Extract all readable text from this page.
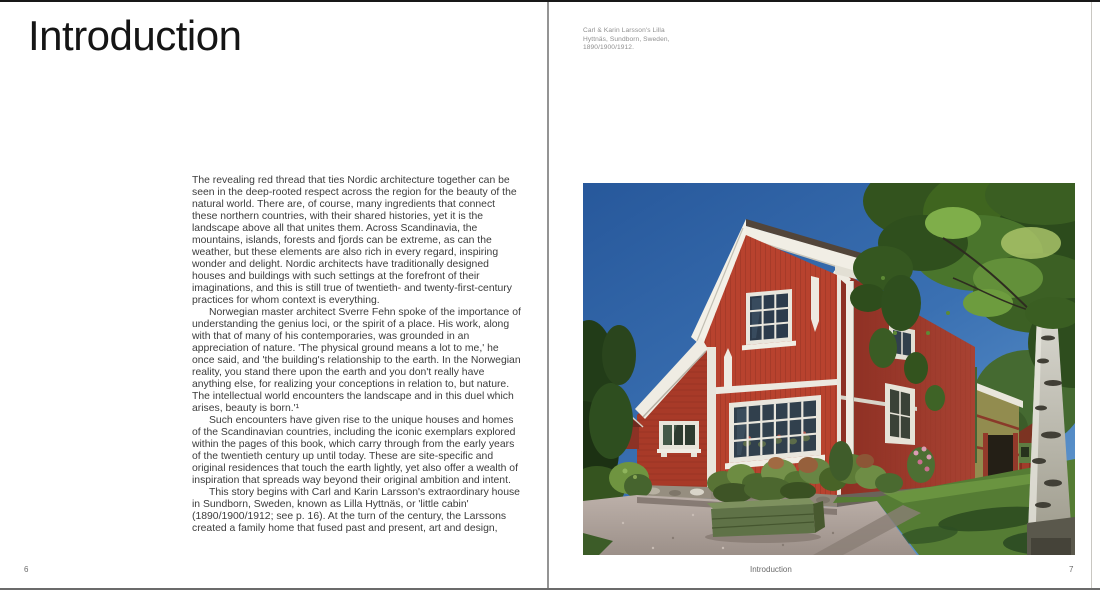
Introduction

The revealing red thread that ties Nordic architecture together can be seen in the deep-rooted respect across the region for the beauty of the natural world. There are, of course, many ingredients that connect these northern countries, with their shared histories, yet it is the landscape above all that unites them. Across Scandinavia, the mountains, islands, forests and fjords can be extreme, as can the weather, but these elements are also rich in every regard, inspiring wonder and delight. Nordic architects have traditionally designed houses and buildings with such settings at the forefront of their imaginations, and this is still true of twentieth- and twenty-first-century practices for whom context is everything.

Norwegian master architect Sverre Fehn spoke of the importance of understanding the genius loci, or the spirit of a place. His work, along with that of many of his contemporaries, was grounded in an appreciation of nature. 'The physical ground means a lot to me,' he once said, and 'the building's relationship to the earth. In the Norwegian reality, you stand there upon the earth and you don't really have anything else, for realizing your conceptions in relation to, but nature. The intellectual world encounters the landscape and in this duel which arises, beauty is born.'¹

Such encounters have given rise to the unique houses and homes of the Scandinavian countries, including the iconic exemplars explored within the pages of this book, which carry through from the early years of the twentieth century up until today. These are site-specific and original residences that touch the earth lightly, yet also offer a wealth of inspiration that spreads way beyond their original ambition and intent.

This story begins with Carl and Karin Larsson's extraordinary house in Sundborn, Sweden, known as Lilla Hyttnäs, or 'little cabin' (1890/1900/1912; see p. 16). At the turn of the century, the Larssons created a family home that fused past and present, art and design,

6
Carl & Karin Larsson's Lilla
Hyttnäs, Sundborn, Sweden,
1890/1900/1912.
Introduction	7
